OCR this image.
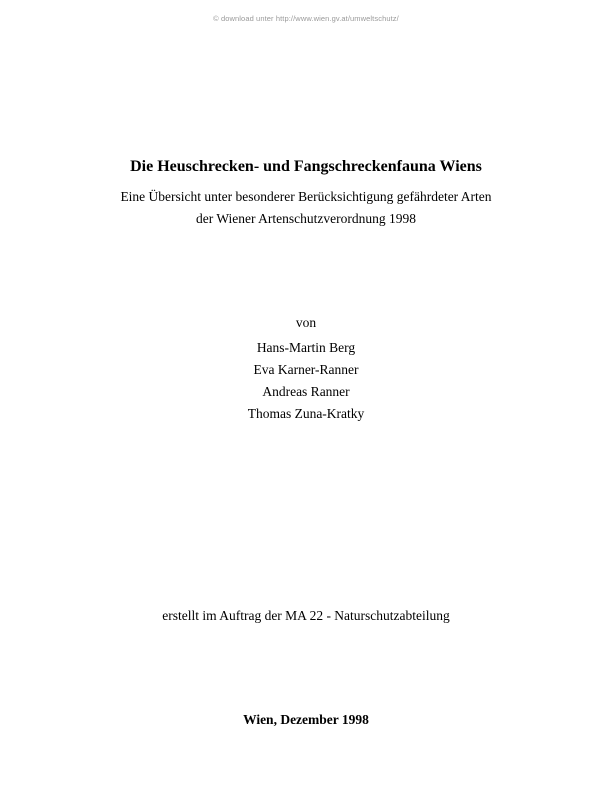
© download unter http://www.wien.gv.at/umweltschutz/
Die Heuschrecken- und Fangschreckenfauna Wiens
Eine Übersicht unter besonderer Berücksichtigung gefährdeter Arten
der Wiener Artenschutzverordnung 1998
von
Hans-Martin Berg
Eva Karner-Ranner
Andreas Ranner
Thomas Zuna-Kratky
erstellt im Auftrag der MA 22 - Naturschutzabteilung
Wien, Dezember 1998
